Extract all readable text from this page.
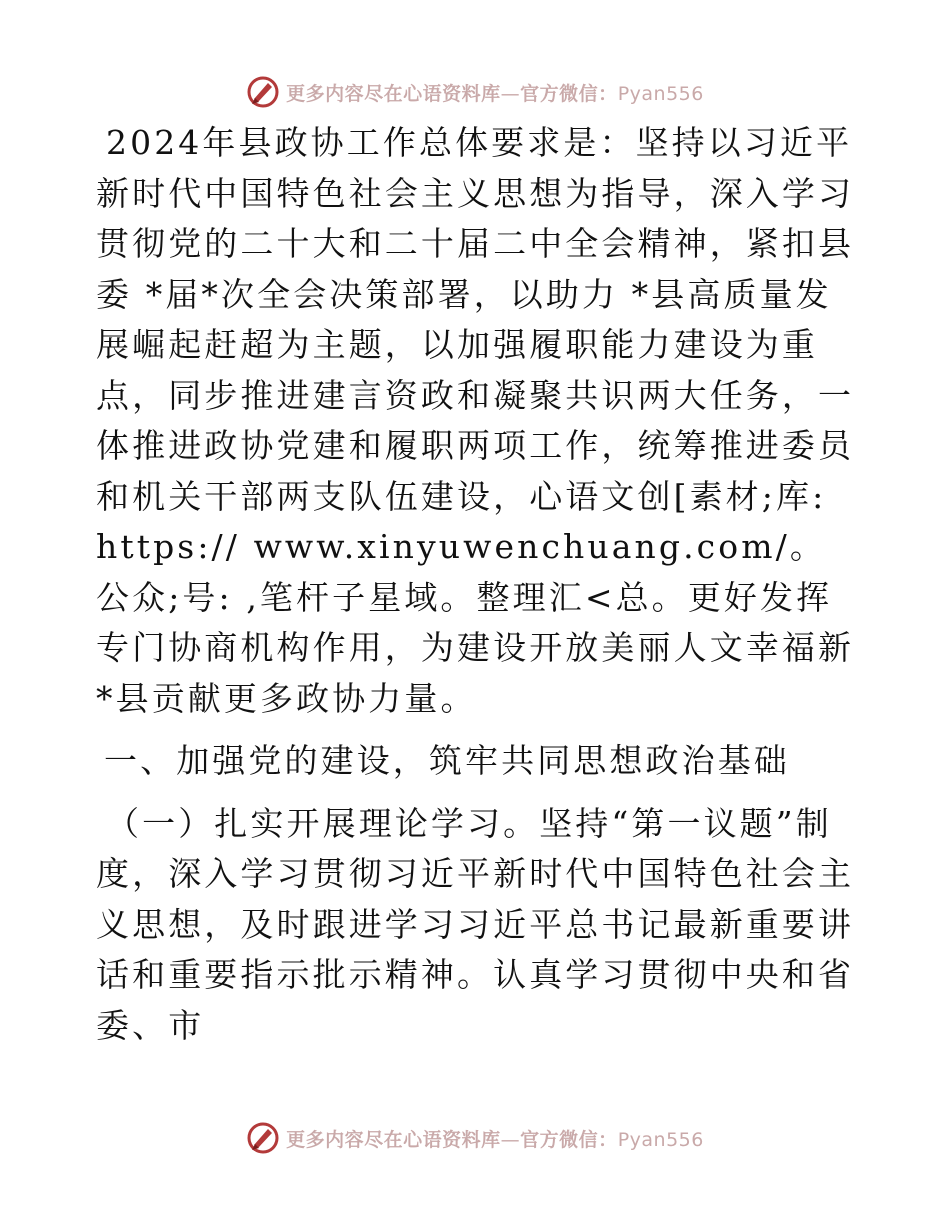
更多内容尽在心语资料库—官方微信：Pyan556

2024年县政协工作总体要求是：坚持以习近平新时代中国特色社会主义思想为指导，深入学习贯彻党的二十大和二十届二中全会精神，紧扣县委 *届*次全会决策部署，以助力 *县高质量发展崛起赶超为主题，以加强履职能力建设为重点，同步推进建言资政和凝聚共识两大任务，一体推进政协党建和履职两项工作，统筹推进委员和机关干部两支队伍建设，心语文创[素材;库: https:// www.xinyuwenchuang.com/。公众;号: ,笔杆子星域。整理汇<总。更好发挥专门协商机构作用，为建设开放美丽人文幸福新 *县贡献更多政协力量。

一、加强党的建设，筑牢共同思想政治基础

（一）扎实开展理论学习。坚持“第一议题”制度，深入学习贯彻习近平新时代中国特色社会主义思想，及时跟进学习习近平总书记最新重要讲话和重要指示批示精神。认真学习贯彻中央和省委、市

更多内容尽在心语资料库—官方微信：Pyan556
